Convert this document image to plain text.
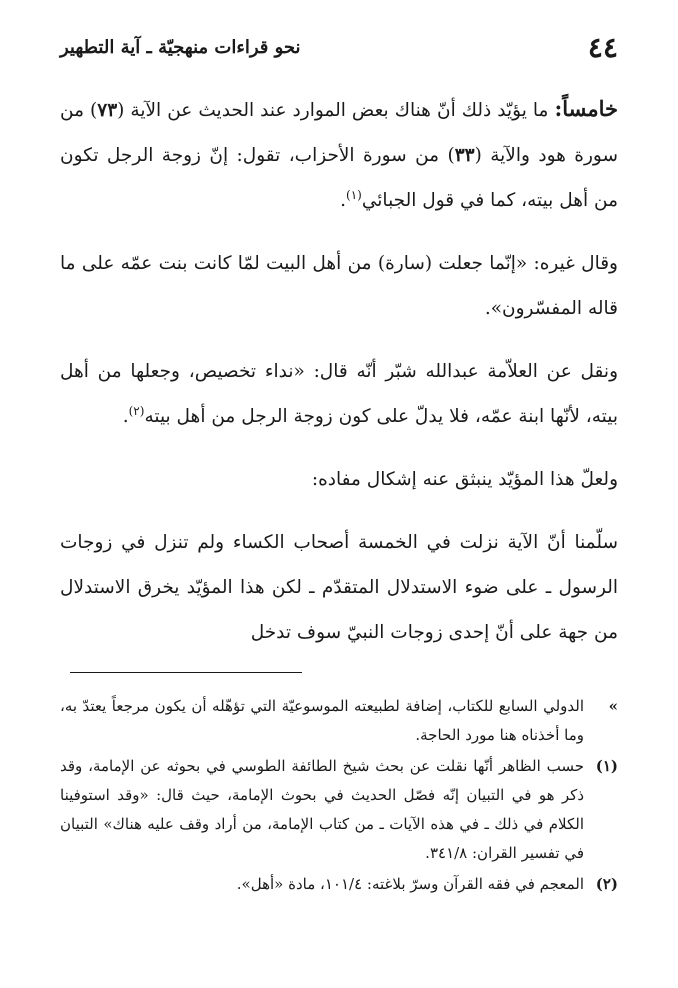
٤٤
نحو قراءات منهجيّة ـ آية التطهير

خامساً: ما يؤيّد ذلك أنّ هناك بعض الموارد عند الحديث عن الآية (٧٣) من سورة هود والآية (٣٣) من سورة الأحزاب، تقول: إنّ زوجة الرجل تكون من أهل بيته، كما في قول الجبائي$^{(١)}$.

وقال غيره: «إنّما جعلت (سارة) من أهل البيت لمّا كانت بنت عمّه على ما قاله المفسّرون».

ونقل عن العلاّمة عبدالله شبّر أنّه قال: «نداء تخصيص، وجعلها من أهل بيته، لأنّها ابنة عمّه، فلا يدلّ على كون زوجة الرجل من أهل بيته$^{(٢)}$.

ولعلّ هذا المؤيّد ينبثق عنه إشكال مفاده:

سلّمنا أنّ الآية نزلت في الخمسة أصحاب الكساء ولم تنزل في زوجات الرسول ـ على ضوء الاستدلال المتقدّم ـ لكن هذا المؤيّد يخرق الاستدلال من جهة على أنّ إحدى زوجات النبيّ سوف تدخل

»
الدولي السابع للكتاب، إضافة لطبيعته الموسوعيّة التي تؤهّله أن يكون مرجعاً يعتدّ به، وما أخذناه هنا مورد الحاجة.

(١)
حسب الظاهر أنّها نقلت عن بحث شيخ الطائفة الطوسي في بحوثه عن الإمامة، وقد ذكر هو في التبيان إنّه فصّل الحديث في بحوث الإمامة، حيث قال: «وقد استوفينا الكلام في ذلك ـ في هذه الآيات ـ من كتاب الإمامة، من أراد وقف عليه هناك» التبيان في تفسير القران: ٣٤١/٨.

(٢)
المعجم في فقه القرآن وسرّ بلاغته: ١٠١/٤، مادة «أهل».
